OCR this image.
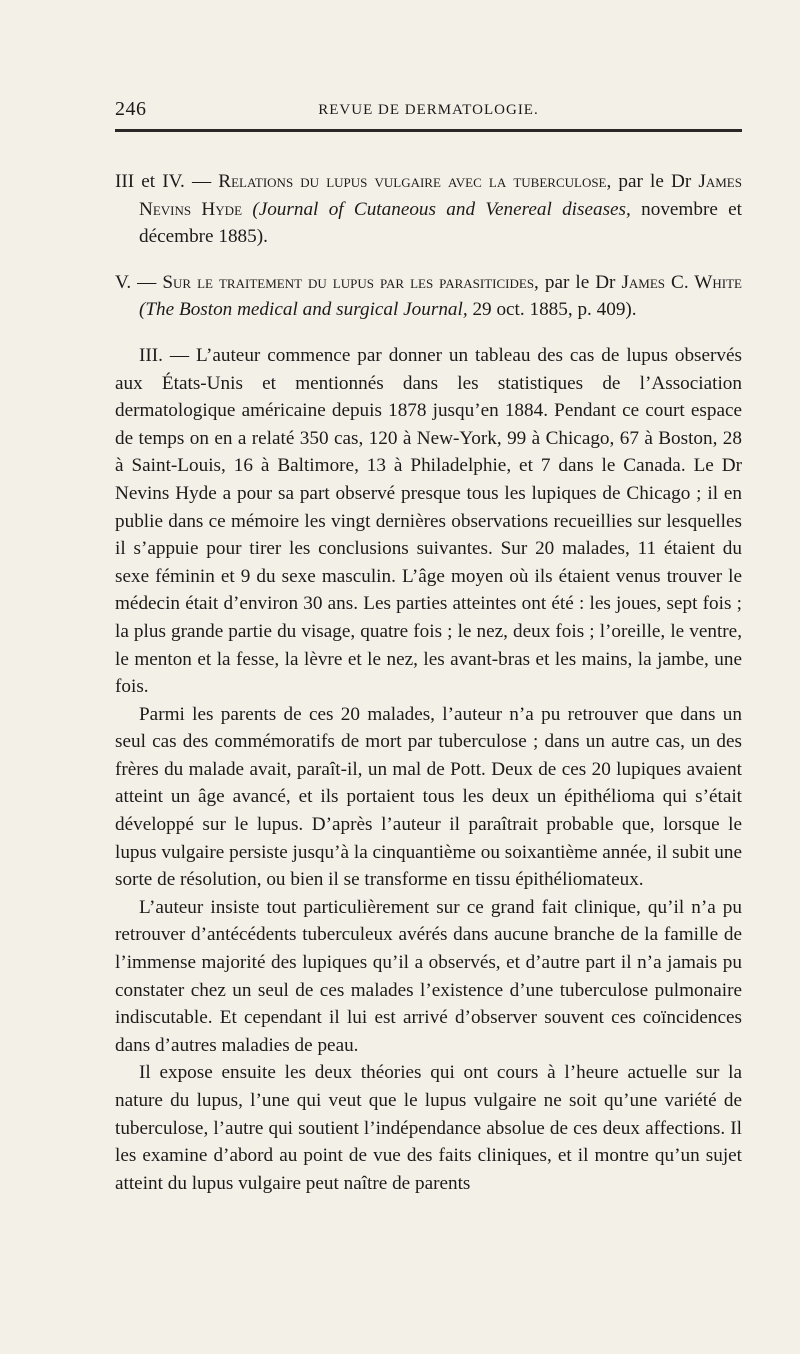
246	REVUE DE DERMATOLOGIE.

III et IV. — Relations du lupus vulgaire avec la tuberculose, par le Dr James Nevins Hyde (Journal of Cutaneous and Venereal diseases, novembre et décembre 1885).

V. — Sur le traitement du lupus par les parasiticides, par le Dr James C. White (The Boston medical and surgical Journal, 29 oct. 1885, p. 409).

III. — L’auteur commence par donner un tableau des cas de lupus observés aux États-Unis et mentionnés dans les statistiques de l’Association dermatologique américaine depuis 1878 jusqu’en 1884. Pendant ce court espace de temps on en a relaté 350 cas, 120 à New-York, 99 à Chicago, 67 à Boston, 28 à Saint-Louis, 16 à Baltimore, 13 à Philadelphie, et 7 dans le Canada. Le Dr Nevins Hyde a pour sa part observé presque tous les lupiques de Chicago ; il en publie dans ce mémoire les vingt dernières observations recueillies sur lesquelles il s’appuie pour tirer les conclusions suivantes. Sur 20 malades, 11 étaient du sexe féminin et 9 du sexe masculin. L’âge moyen où ils étaient venus trouver le médecin était d’environ 30 ans. Les parties atteintes ont été : les joues, sept fois ; la plus grande partie du visage, quatre fois ; le nez, deux fois ; l’oreille, le ventre, le menton et la fesse, la lèvre et le nez, les avant-bras et les mains, la jambe, une fois.

Parmi les parents de ces 20 malades, l’auteur n’a pu retrouver que dans un seul cas des commémoratifs de mort par tuberculose ; dans un autre cas, un des frères du malade avait, paraît-il, un mal de Pott. Deux de ces 20 lupiques avaient atteint un âge avancé, et ils portaient tous les deux un épithélioma qui s’était développé sur le lupus. D’après l’auteur il paraîtrait probable que, lorsque le lupus vulgaire persiste jusqu’à la cinquantième ou soixantième année, il subit une sorte de résolution, ou bien il se transforme en tissu épithéliomateux.

L’auteur insiste tout particulièrement sur ce grand fait clinique, qu’il n’a pu retrouver d’antécédents tuberculeux avérés dans aucune branche de la famille de l’immense majorité des lupiques qu’il a observés, et d’autre part il n’a jamais pu constater chez un seul de ces malades l’existence d’une tuberculose pulmonaire indiscutable. Et cependant il lui est arrivé d’observer souvent ces coïncidences dans d’autres maladies de peau.

Il expose ensuite les deux théories qui ont cours à l’heure actuelle sur la nature du lupus, l’une qui veut que le lupus vulgaire ne soit qu’une variété de tuberculose, l’autre qui soutient l’indépendance absolue de ces deux affections. Il les examine d’abord au point de vue des faits cliniques, et il montre qu’un sujet atteint du lupus vulgaire peut naître de parents
